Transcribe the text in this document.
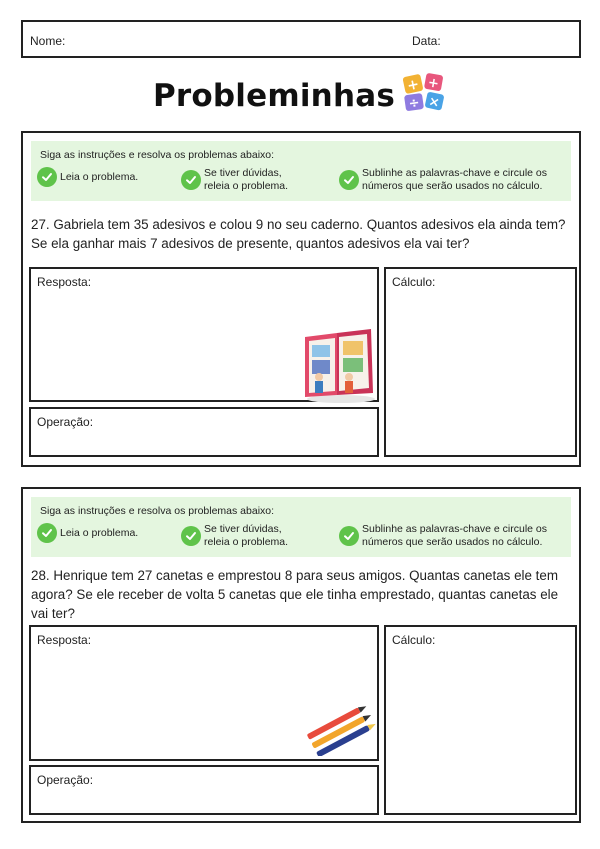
Nome:	Data:
Probleminhas + +
÷ ×
Siga as instruções e resolva os problemas abaixo:
Leia o problema.	Se tiver dúvidas,
releia o problema.
Sublinhe as palavras-chave e circule os
números que serão usados no cálculo.
27. Gabriela tem 35 adesivos e colou 9 no seu caderno. Quantos adesivos ela ainda tem? Se ela ganhar mais 7 adesivos de presente, quantos adesivos ela vai ter?
Resposta:
Operação:
Cálculo:
Siga as instruções e resolva os problemas abaixo:
Leia o problema.	Se tiver dúvidas,
releia o problema.
Sublinhe as palavras-chave e circule os
números que serão usados no cálculo.
28. Henrique tem 27 canetas e emprestou 8 para seus amigos. Quantas canetas ele tem agora? Se ele receber de volta 5 canetas que ele tinha emprestado, quantas canetas ele vai ter?
Resposta:
Operação:
Cálculo:
